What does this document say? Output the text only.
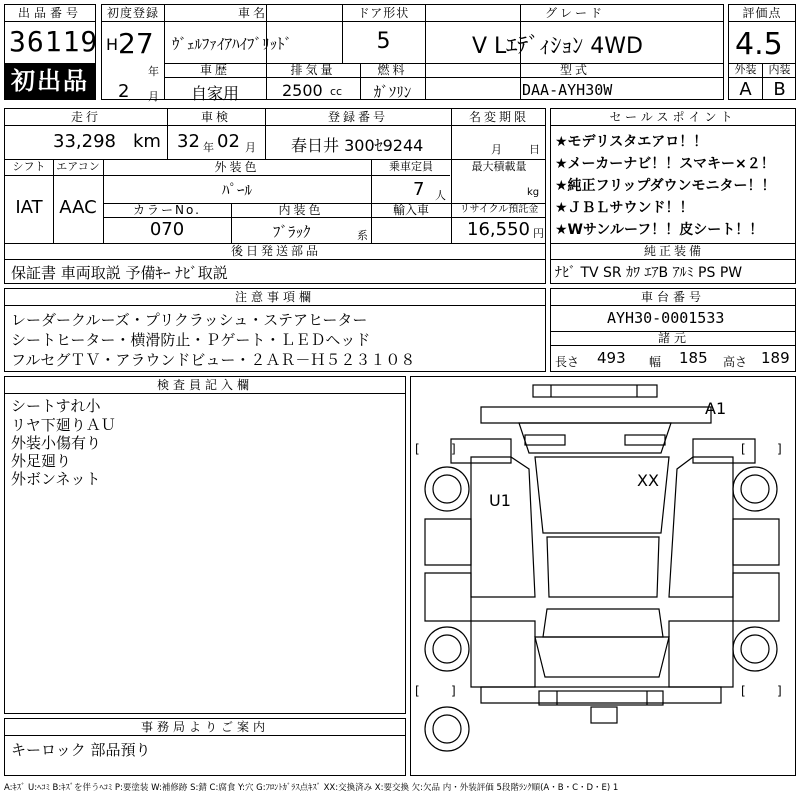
出品番号
36119
初出品
初度登録
H 27
年
2 月
車名
ｳﾞｪﾙﾌｧｲｱﾊｲﾌﾞﾘｯﾄﾞ
ドア形状
5
グレード
V Lｴﾃﾞｨｼｮﾝ 4WD
車歴
自家用
排気量
2500 cc
燃料
ｶﾞｿﾘﾝ
型式
DAA-AYH30W
評価点
4.5
外装	内装
A	B
走行
33,298 km
車検
32 年 02 月
登録番号
春日井 300ｾ9244
名変期限
月 日
シフト エアコン
IAT AAC
外装色
ﾊﾟｰﾙ
乗車定員
7 人
最大積載量
kg
カラーNo.
070
内装色
ﾌﾞﾗｯｸ	系
輸入車	リサイクル預託金
16,550 円
後日発送部品
保証書 車両取説 予備ｷｰ ﾅﾋﾞ取説
セールスポイント
★モデリスタエアロ！！
★メーカーナビ！！スマキー×２！
★純正フリップダウンモニター！！
★ＪＢＬサウンド！！
★Wサンルーフ！！皮シート！！
純正装備
ﾅﾋﾞ TV SR ｶﾜ ｴｱB ｱﾙﾐ PS PW
注意事項欄
レーダークルーズ・プリクラッシュ・ステアヒーター
シートヒーター・横滑防止・Ｐゲート・ＬＥＤヘッド
フルセグＴＶ・アラウンドビュー・２ＡＲ－Ｈ５２３１０８
車台番号
AYH30-0001533
諸元
長さ 493 幅 185 高さ 189
検査員記入欄
シートすれ小
リヤ下廻りＡＵ
外装小傷有り
外足廻り
外ボンネット
[	]	[	]
[	]	[	]
A1
XX
U1
事務局よりご案内
キーロック 部品預り
A:ｷｽﾞ U:ﾍｺﾐ B:ｷｽﾞを伴うﾍｺﾐ P:要塗装 W:補修跡 S:錆 C:腐食 Y:穴 G:ﾌﾛﾝﾄｶﾞﾗｽ点ｷｽﾞ XX:交換済み X:要交換 欠:欠品 内・外装評価 5段階ﾗﾝｸ順(A・B・C・D・E) 1
